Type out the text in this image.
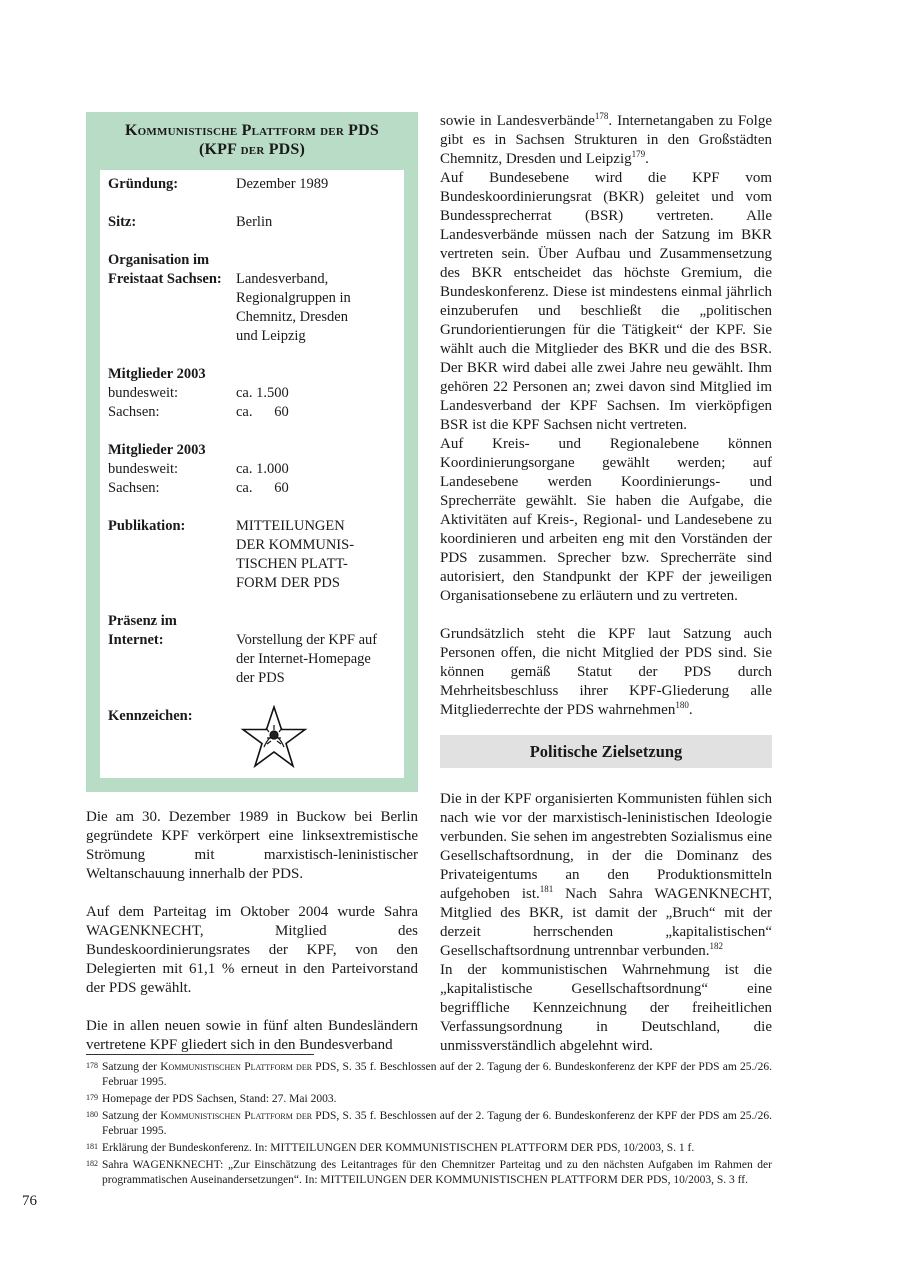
Kommunistische Plattform der PDS
(KPF der PDS)
Gründung:	Dezember 1989
Sitz:	Berlin
Organisation im
Freistaat Sachsen: Landesverband,
Regionalgruppen in
Chemnitz, Dresden
und Leipzig
Mitglieder 2003
bundesweit:	ca. 1.500
Sachsen:	ca.      60
Mitglieder 2003
bundesweit:	ca. 1.000
Sachsen:	ca.      60
Publikation:	MITTEILUNGEN
DER KOMMUNIS-
TISCHEN PLATT-
FORM DER PDS
Präsenz im
Internet:	Vorstellung der KPF auf
der Internet-Homepage
der PDS
Kennzeichen:

Die am 30. Dezember 1989 in Buckow bei Berlin gegründete KPF verkörpert eine linksextremistische Strömung mit marxistisch-leninistischer Weltanschauung innerhalb der PDS.

Auf dem Parteitag im Oktober 2004 wurde Sahra WAGENKNECHT, Mitglied des Bundeskoordinierungsrates der KPF, von den Delegierten mit 61,1 % erneut in den Parteivorstand der PDS gewählt.

Die in allen neuen sowie in fünf alten Bundesländern vertretene KPF gliedert sich in den Bundesverband

sowie in Landesverbände$^{178}$. Internetangaben zu Folge gibt es in Sachsen Strukturen in den Großstädten Chemnitz, Dresden und Leipzig$^{179}$.

Auf Bundesebene wird die KPF vom Bundeskoordinierungsrat (BKR) geleitet und vom Bundessprecherrat (BSR) vertreten. Alle Landesverbände müssen nach der Satzung im BKR vertreten sein. Über Aufbau und Zusammensetzung des BKR entscheidet das höchste Gremium, die Bundeskonferenz. Diese ist mindestens einmal jährlich einzuberufen und beschließt die „politischen Grundorientierungen für die Tätigkeit“ der KPF. Sie wählt auch die Mitglieder des BKR und die des BSR. Der BKR wird dabei alle zwei Jahre neu gewählt. Ihm gehören 22 Personen an; zwei davon sind Mitglied im Landesverband der KPF Sachsen. Im vierköpfigen BSR ist die KPF Sachsen nicht vertreten.

Auf Kreis- und Regionalebene können Koordinierungsorgane gewählt werden; auf Landesebene werden Koordinierungs- und Sprecherräte gewählt. Sie haben die Aufgabe, die Aktivitäten auf Kreis-, Regional- und Landesebene zu koordinieren und arbeiten eng mit den Vorständen der PDS zusammen. Sprecher bzw. Sprecherräte sind autorisiert, den Standpunkt der KPF der jeweiligen Organisationsebene zu erläutern und zu vertreten.

Grundsätzlich steht die KPF laut Satzung auch Personen offen, die nicht Mitglied der PDS sind. Sie können gemäß Statut der PDS durch Mehrheitsbeschluss ihrer KPF-Gliederung alle Mitgliederrechte der PDS wahrnehmen$^{180}$.

Politische Zielsetzung

Die in der KPF organisierten Kommunisten fühlen sich nach wie vor der marxistisch-leninistischen Ideologie verbunden. Sie sehen im angestrebten Sozialismus eine Gesellschaftsordnung, in der die Dominanz des Privateigentums an den Produktionsmitteln aufgehoben ist.$^{181}$ Nach Sahra WAGENKNECHT, Mitglied des BKR, ist damit der „Bruch“ mit der derzeit herrschenden „kapitalistischen“ Gesellschaftsordnung untrennbar verbunden.$^{182}$

In der kommunistischen Wahrnehmung ist die „kapitalistische Gesellschaftsordnung“ eine begriffliche Kennzeichnung der freiheitlichen Verfassungsordnung in Deutschland, die unmissverständlich abgelehnt wird.

178 Satzung der Kommunistischen Plattform der PDS, S. 35 f. Beschlossen auf der 2. Tagung der 6. Bundeskonferenz der KPF der PDS am 25./26. Februar 1995.
179 Homepage der PDS Sachsen, Stand: 27. Mai 2003.
180 Satzung der Kommunistischen Plattform der PDS, S. 35 f. Beschlossen auf der 2. Tagung der 6. Bundeskonferenz der KPF der PDS am 25./26. Februar 1995.
181 Erklärung der Bundeskonferenz. In: MITTEILUNGEN DER KOMMUNISTISCHEN PLATTFORM DER PDS, 10/2003, S. 1 f.
182 Sahra WAGENKNECHT: „Zur Einschätzung des Leitantrages für den Chemnitzer Parteitag und zu den nächsten Aufgaben im Rahmen der programmatischen Auseinandersetzungen“. In: MITTEILUNGEN DER KOMMUNISTISCHEN PLATTFORM DER PDS, 10/2003, S. 3 ff.
76
